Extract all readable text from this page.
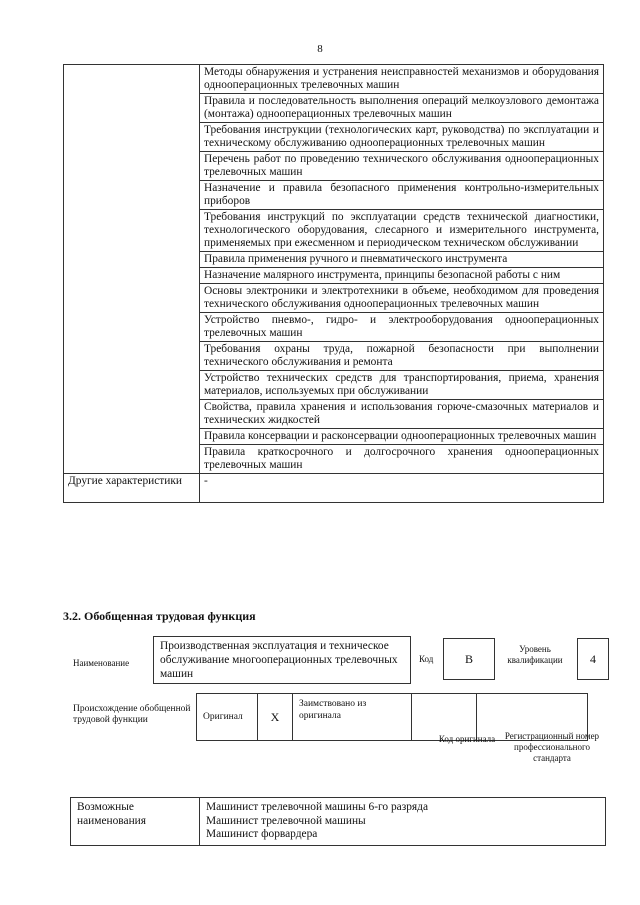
8
	Методы обнаружения и устранения неисправностей механизмов и оборудования однооперационных трелевочных машин
	Правила и последовательность выполнения операций мелкоузлового демонтажа (монтажа) однооперационных трелевочных машин
	Требования инструкции (технологических карт, руководства) по эксплуатации и техническому обслуживанию однооперационных трелевочных машин
	Перечень работ по проведению технического обслуживания однооперационных трелевочных машин
	Назначение и правила безопасного применения контрольно-измерительных приборов
	Требования инструкций по эксплуатации средств технической диагностики, технологического оборудования, слесарного и измерительного инструмента, применяемых при ежесменном и периодическом техническом обслуживании
	Правила применения ручного и пневматического инструмента
	Назначение малярного инструмента, принципы безопасной работы с ним
	Основы электроники и электротехники в объеме, необходимом для проведения технического обслуживания однооперационных трелевочных машин
	Устройство пневмо-, гидро- и электрооборудования однооперационных трелевочных машин
	Требования охраны труда, пожарной безопасности при выполнении технического обслуживания и ремонта
	Устройство технических средств для транспортирования, приема, хранения материалов, используемых при обслуживании
	Свойства, правила хранения и использования горюче-смазочных материалов и технических жидкостей
	Правила консервации и расконсервации однооперационных трелевочных машин
	Правила краткосрочного и долгосрочного хранения однооперационных трелевочных машин
Другие характеристики	-
3.2. Обобщенная трудовая функция
Наименование
Производственная эксплуатация и техническое обслуживание многооперационных трелевочных машин
Код	B
Уровень квалификации	4
Происхождение обобщенной трудовой функции	Оригинал	X	Заимствовано из оригинала		
Код оригинала	Регистрационный номер профессионального стандарта
Возможные наименования	
Машинист трелевочной машины 6-го разряда
Машинист трелевочной машины
Машинист форвардера
